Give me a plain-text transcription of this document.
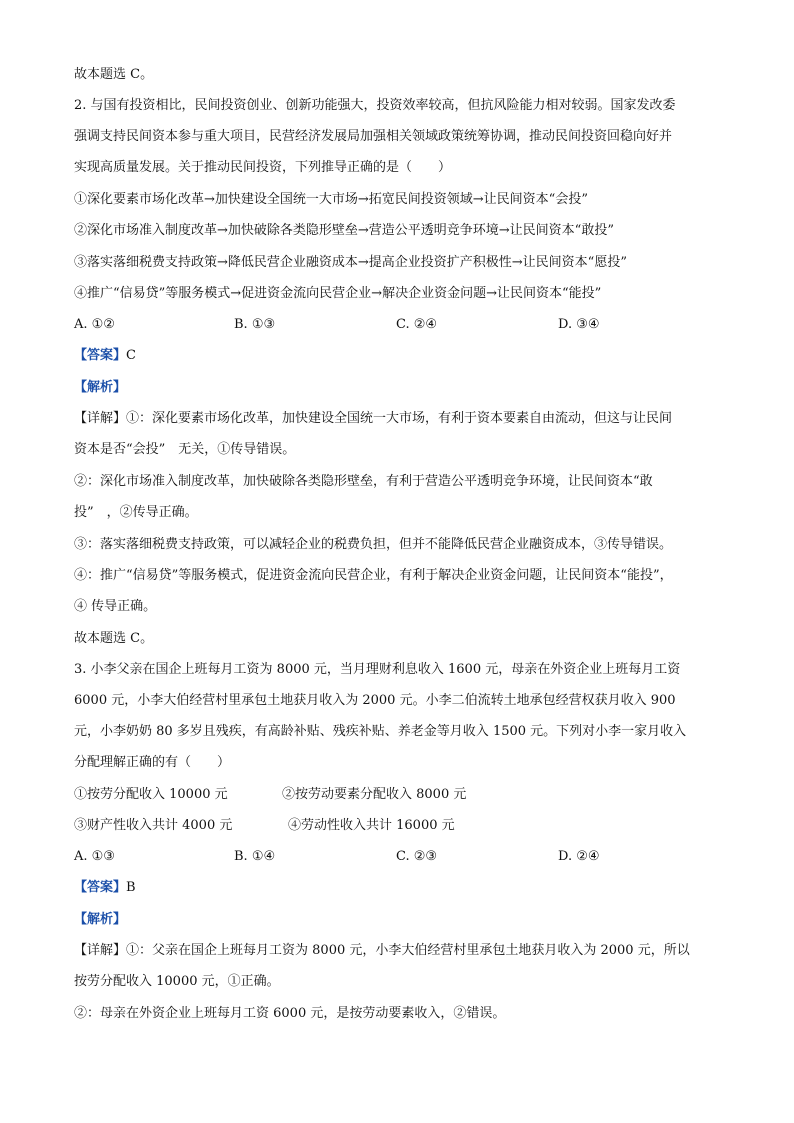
故本题选 C。
2. 与国有投资相比，民间投资创业、创新功能强大，投资效率较高，但抗风险能力相对较弱。国家发改委
强调支持民间资本参与重大项目，民营经济发展局加强相关领域政策统筹协调，推动民间投资回稳向好并
实现高质量发展。关于推动民间投资，下列推导正确的是（　　）
①深化要素市场化改革→加快建设全国统一大市场→拓宽民间投资领域→让民间资本“会投”
②深化市场准入制度改革→加快破除各类隐形壁垒→营造公平透明竞争环境→让民间资本“敢投”
③落实落细税费支持政策→降低民营企业融资成本→提高企业投资扩产积极性→让民间资本“愿投”
④推广“信易贷”等服务模式→促进资金流向民营企业→解决企业资金问题→让民间资本“能投”
A. ①②	B. ①③	C. ②④	D. ③④
【答案】C
【解析】
【详解】①：深化要素市场化改革，加快建设全国统一大市场，有利于资本要素自由流动，但这与让民间
资本是否“会投”　无关，①传导错误。
②：深化市场准入制度改革，加快破除各类隐形壁垒，有利于营造公平透明竞争环境，让民间资本“敢
投”　，②传导正确。
③：落实落细税费支持政策，可以减轻企业的税费负担，但并不能降低民营企业融资成本，③传导错误。
④：推广“信易贷”等服务模式，促进资金流向民营企业，有利于解决企业资金问题，让民间资本“能投”，
④ 传导正确。
故本题选 C。
3. 小李父亲在国企上班每月工资为 8000 元，当月理财利息收入 1600 元，母亲在外资企业上班每月工资
6000 元，小李大伯经营村里承包土地获月收入为 2000 元。小李二伯流转土地承包经营权获月收入 900
元，小李奶奶 80 多岁且残疾，有高龄补贴、残疾补贴、养老金等月收入 1500 元。下列对小李一家月收入
分配理解正确的有（　　）
①按劳分配收入 10000 元	②按劳动要素分配收入 8000 元
③财产性收入共计 4000 元	④劳动性收入共计 16000 元
A. ①③	B. ①④	C. ②③	D. ②④
【答案】B
【解析】
【详解】①：父亲在国企上班每月工资为 8000 元，小李大伯经营村里承包土地获月收入为 2000 元，所以
按劳分配收入 10000 元，①正确。
②：母亲在外资企业上班每月工资 6000 元，是按劳动要素收入，②错误。
